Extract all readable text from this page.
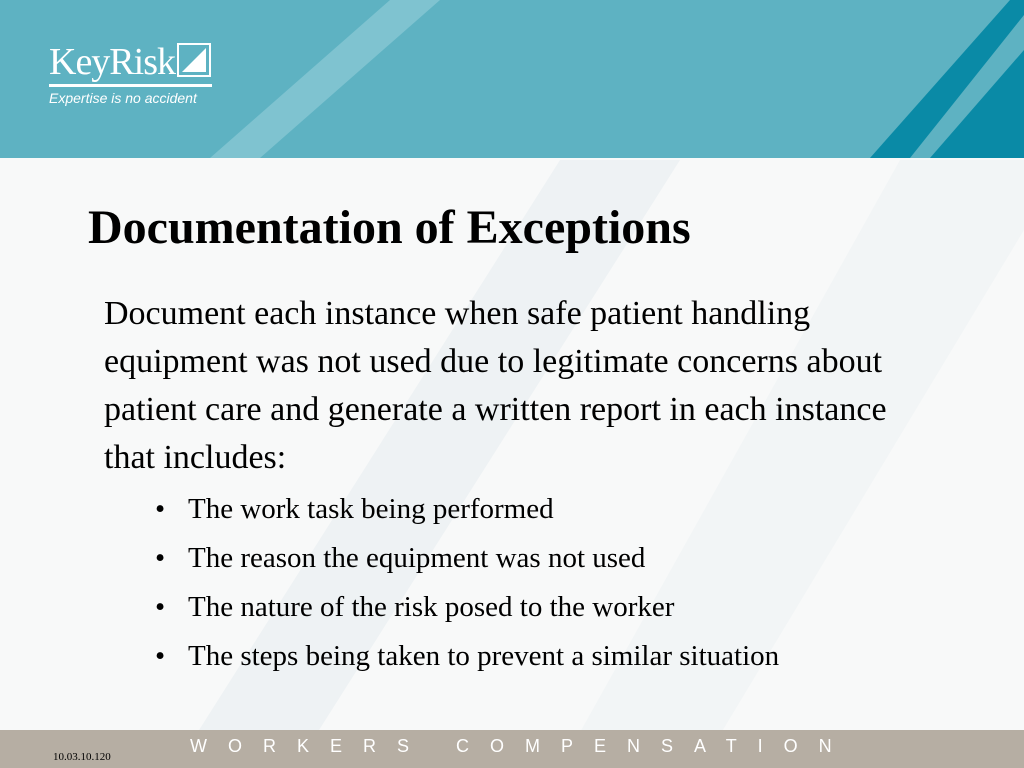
KeyRisk
Expertise is no accident
Documentation of Exceptions
Document each instance when safe patient handling equipment was not used due to legitimate concerns about patient care and generate a written report in each instance that includes:
• The work task being performed
• The reason the equipment was not used
• The nature of the risk posed to the worker
• The steps being taken to prevent a similar situation
10.03.10.120
WORKERS COMPENSATION
